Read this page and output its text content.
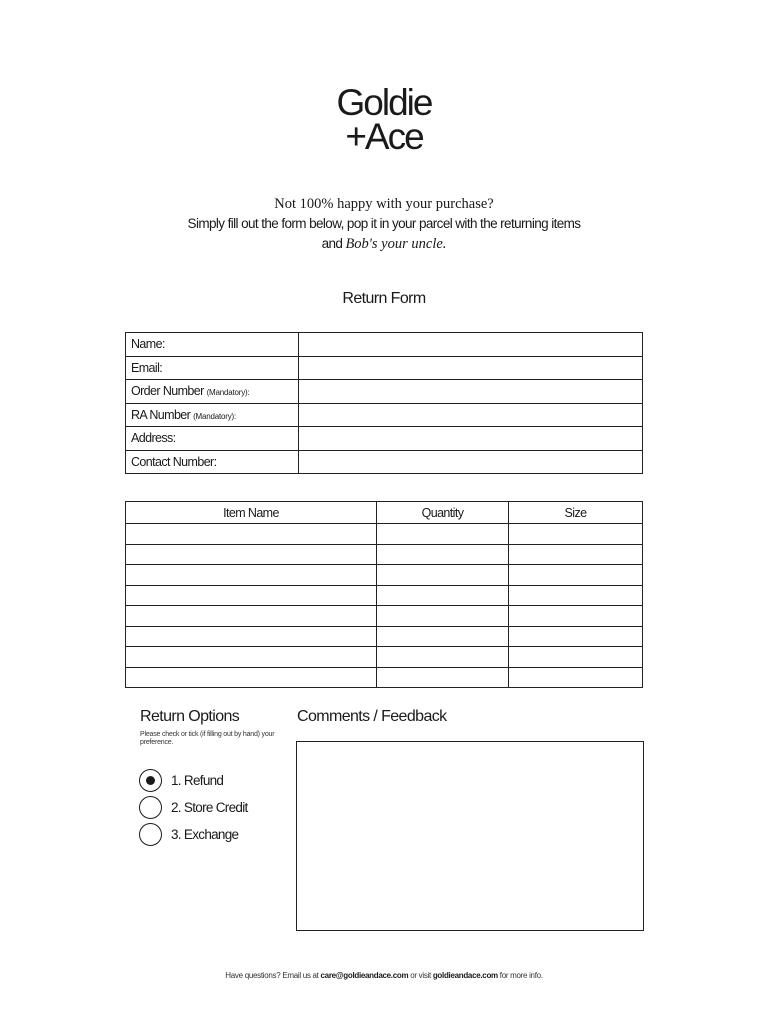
Goldie
+Ace
Not 100% happy with your purchase?
Simply fill out the form below, pop it in your parcel with the returning items
and Bob's your uncle.
Return Form
Name:	
Email:	
Order Number (Mandatory):	
RA Number (Mandatory):	
Address:	
Contact Number:	
Item Name	Quantity	Size

Return Options
Please check or tick (if filling out by hand) your preference.
1. Refund
2. Store Credit
3. Exchange
Comments / Feedback
Have questions? Email us at care@goldieandace.com or visit goldieandace.com for more info.
